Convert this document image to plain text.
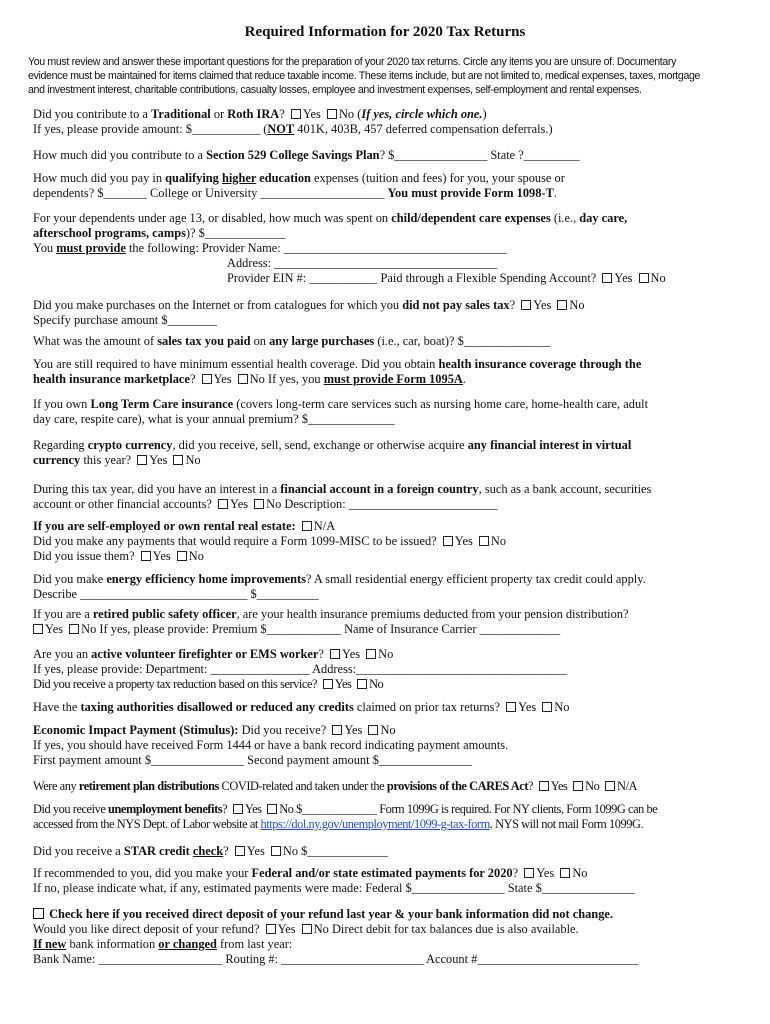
Required Information for 2020 Tax Returns
You must review and answer these important questions for the preparation of your 2020 tax returns. Circle any items you are unsure of. Documentary
evidence must be maintained for items claimed that reduce taxable income. These items include, but are not limited to, medical expenses, taxes, mortgage
and investment interest, charitable contributions, casualty losses, employee and investment expenses, self-employment and rental expenses.
Did you contribute to a Traditional or Roth IRA? Yes No (If yes, circle which one.)
If yes, please provide amount: $___________ (NOT 401K, 403B, 457 deferred compensation deferrals.)
How much did you contribute to a Section 529 College Savings Plan? $_______________ State ?_________
How much did you pay in qualifying higher education expenses (tuition and fees) for you, your spouse or
dependents? $_______ College or University ____________________ You must provide Form 1098-T.
For your dependents under age 13, or disabled, how much was spent on child/dependent care expenses (i.e., day care,
afterschool programs, camps)? $_____________
You must provide the following: Provider Name: ____________________________________
Address: ____________________________________
Provider EIN #: ___________ Paid through a Flexible Spending Account? Yes No
Did you make purchases on the Internet or from catalogues for which you did not pay sales tax? Yes No
Specify purchase amount $________
What was the amount of sales tax you paid on any large purchases (i.e., car, boat)? $______________
You are still required to have minimum essential health coverage. Did you obtain health insurance coverage through the
health insurance marketplace? Yes No If yes, you must provide Form 1095A.
If you own Long Term Care insurance (covers long-term care services such as nursing home care, home-health care, adult
day care, respite care), what is your annual premium? $______________
Regarding crypto currency, did you receive, sell, send, exchange or otherwise acquire any financial interest in virtual
currency this year? Yes No
During this tax year, did you have an interest in a financial account in a foreign country, such as a bank account, securities
account or other financial accounts? Yes No Description: ________________________
If you are self-employed or own rental real estate: N/A
Did you make any payments that would require a Form 1099-MISC to be issued? Yes No
Did you issue them? Yes No
Did you make energy efficiency home improvements? A small residential energy efficient property tax credit could apply.
Describe ___________________________ $__________
If you are a retired public safety officer, are your health insurance premiums deducted from your pension distribution?
Yes No If yes, please provide: Premium $____________ Name of Insurance Carrier _____________
Are you an active volunteer firefighter or EMS worker? Yes No
If yes, please provide: Department: ________________ Address:__________________________________
Did you receive a property tax reduction based on this service? Yes No
Have the taxing authorities disallowed or reduced any credits claimed on prior tax returns? Yes No
Economic Impact Payment (Stimulus): Did you receive? Yes No
If yes, you should have received Form 1444 or have a bank record indicating payment amounts.
First payment amount $_______________ Second payment amount $_______________
Were any retirement plan distributions COVID-related and taken under the provisions of the CARES Act? Yes No N/A
Did you receive unemployment benefits? Yes No $_____________ Form 1099G is required. For NY clients, Form 1099G can be
accessed from the NYS Dept. of Labor website at https://dol.ny.gov/unemployment/1099-g-tax-form. NYS will not mail Form 1099G.
Did you receive a STAR credit check? Yes No $_____________
If recommended to you, did you make your Federal and/or state estimated payments for 2020? Yes No
If no, please indicate what, if any, estimated payments were made: Federal $_______________ State $_______________
Check here if you received direct deposit of your refund last year & your bank information did not change.
Would you like direct deposit of your refund? Yes No Direct debit for tax balances due is also available.
If new bank information or changed from last year:
Bank Name: ____________________ Routing #: _______________________ Account #__________________________
